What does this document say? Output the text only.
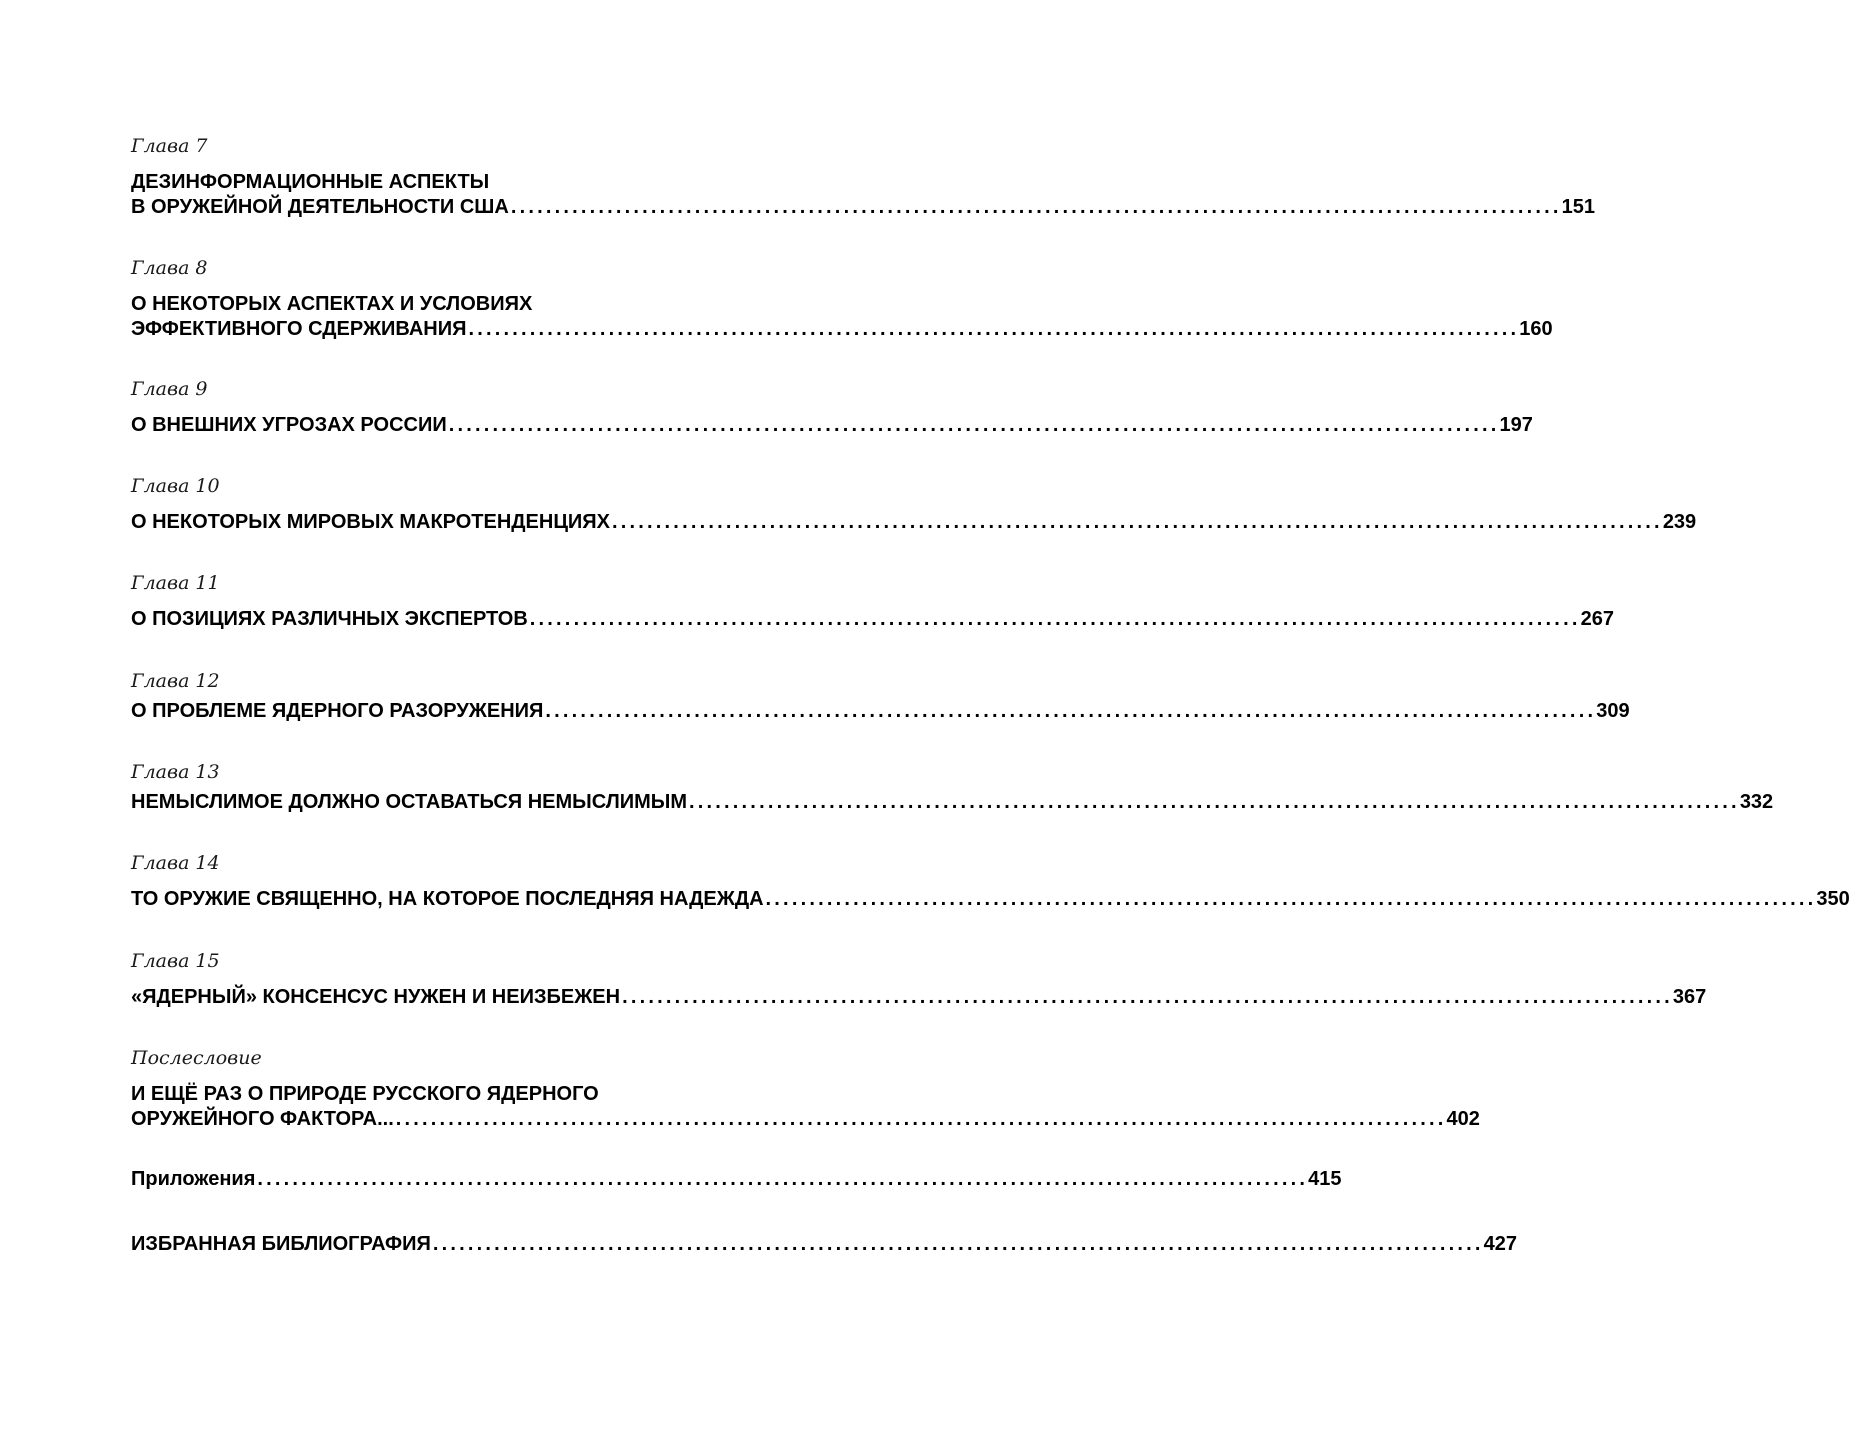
Глава 7
ДЕЗИНФОРМАЦИОННЫЕ АСПЕКТЫ
В ОРУЖЕЙНОЙ ДЕЯТЕЛЬНОСТИ США ........................................................................................................................ 151
Глава 8
О НЕКОТОРЫХ АСПЕКТАХ И УСЛОВИЯХ
ЭФФЕКТИВНОГО СДЕРЖИВАНИЯ ........................................................................................................................ 160
Глава 9
О ВНЕШНИХ УГРОЗАХ РОССИИ ........................................................................................................................ 197
Глава 10
О НЕКОТОРЫХ МИРОВЫХ МАКРОТЕНДЕНЦИЯХ ........................................................................................................................ 239
Глава 11
О ПОЗИЦИЯХ РАЗЛИЧНЫХ ЭКСПЕРТОВ ........................................................................................................................ 267
Глава 12
О ПРОБЛЕМЕ ЯДЕРНОГО РАЗОРУЖЕНИЯ ........................................................................................................................ 309
Глава 13
НЕМЫСЛИМОЕ ДОЛЖНО ОСТАВАТЬСЯ НЕМЫСЛИМЫМ ........................................................................................................................ 332
Глава 14
ТО ОРУЖИЕ СВЯЩЕННО, НА КОТОРОЕ ПОСЛЕДНЯЯ НАДЕЖДА ........................................................................................................................ 350
Глава 15
«ЯДЕРНЫЙ» КОНСЕНСУС НУЖЕН И НЕИЗБЕЖЕН ........................................................................................................................ 367
Послесловие
И ЕЩЁ РАЗ О ПРИРОДЕ РУССКОГО ЯДЕРНОГО
ОРУЖЕЙНОГО ФАКТОРА... ........................................................................................................................ 402
Приложения ........................................................................................................................ 415
ИЗБРАННАЯ БИБЛИОГРАФИЯ ........................................................................................................................ 427
